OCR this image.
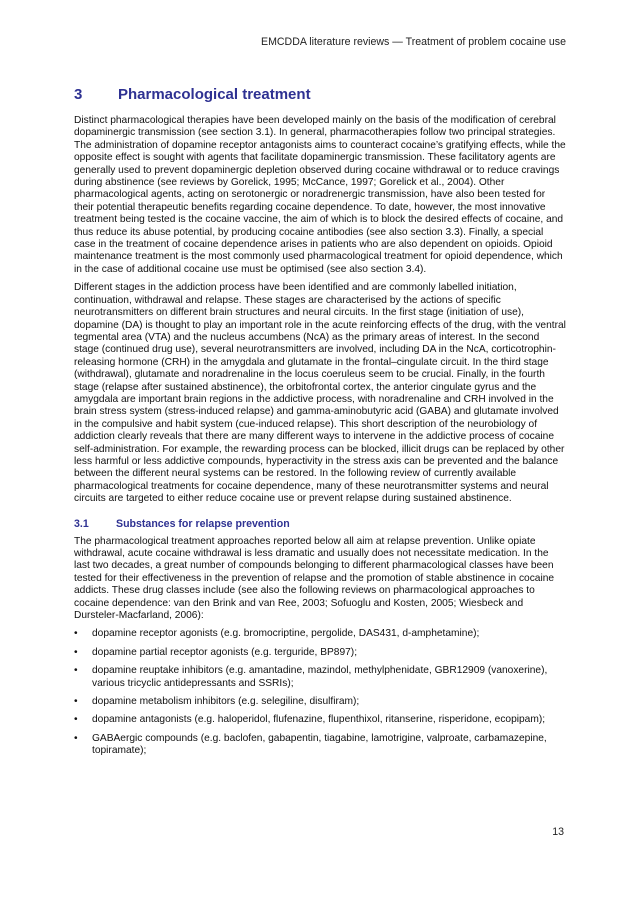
EMCDDA literature reviews — Treatment of problem cocaine use
3	Pharmacological treatment

Distinct pharmacological therapies have been developed mainly on the basis of the modification of cerebral dopaminergic transmission (see section 3.1). In general, pharmacotherapies follow two principal strategies. The administration of dopamine receptor antagonists aims to counteract cocaine’s gratifying effects, while the opposite effect is sought with agents that facilitate dopaminergic transmission. These facilitatory agents are generally used to prevent dopaminergic depletion observed during cocaine withdrawal or to reduce cravings during abstinence (see reviews by Gorelick, 1995; McCance, 1997; Gorelick et al., 2004). Other pharmacological agents, acting on serotonergic or noradrenergic transmission, have also been tested for their potential therapeutic benefits regarding cocaine dependence. To date, however, the most innovative treatment being tested is the cocaine vaccine, the aim of which is to block the desired effects of cocaine, and thus reduce its abuse potential, by producing cocaine antibodies (see also section 3.3). Finally, a special case in the treatment of cocaine dependence arises in patients who are also dependent on opioids. Opioid maintenance treatment is the most commonly used pharmacological treatment for opioid dependence, which in the case of additional cocaine use must be optimised (see also section 3.4).

Different stages in the addiction process have been identified and are commonly labelled initiation, continuation, withdrawal and relapse. These stages are characterised by the actions of specific neurotransmitters on different brain structures and neural circuits. In the first stage (initiation of use), dopamine (DA) is thought to play an important role in the acute reinforcing effects of the drug, with the ventral tegmental area (VTA) and the nucleus accumbens (NcA) as the primary areas of interest. In the second stage (continued drug use), several neurotransmitters are involved, including DA in the NcA, corticotrophin-releasing hormone (CRH) in the amygdala and glutamate in the frontal–cingulate circuit. In the third stage (withdrawal), glutamate and noradrenaline in the locus coeruleus seem to be crucial. Finally, in the fourth stage (relapse after sustained abstinence), the orbitofrontal cortex, the anterior cingulate gyrus and the amygdala are important brain regions in the addictive process, with noradrenaline and CRH involved in the brain stress system (stress-induced relapse) and gamma-aminobutyric acid (GABA) and glutamate involved in the compulsive and habit system (cue-induced relapse). This short description of the neurobiology of addiction clearly reveals that there are many different ways to intervene in the addictive process of cocaine self-administration. For example, the rewarding process can be blocked, illicit drugs can be replaced by other less harmful or less addictive compounds, hyperactivity in the stress axis can be prevented and the balance between the different neural systems can be restored. In the following review of currently available pharmacological treatments for cocaine dependence, many of these neurotransmitter systems and neural circuits are targeted to either reduce cocaine use or prevent relapse during sustained abstinence.

3.1	Substances for relapse prevention

The pharmacological treatment approaches reported below all aim at relapse prevention. Unlike opiate withdrawal, acute cocaine withdrawal is less dramatic and usually does not necessitate medication. In the last two decades, a great number of compounds belonging to different pharmacological classes have been tested for their effectiveness in the prevention of relapse and the promotion of stable abstinence in cocaine addicts. These drug classes include (see also the following reviews on pharmacological approaches to cocaine dependence: van den Brink and van Ree, 2003; Sofuoglu and Kosten, 2005; Wiesbeck and Dursteler-Macfarland, 2006):

• dopamine receptor agonists (e.g. bromocriptine, pergolide, DAS431, d-amphetamine);
• dopamine partial receptor agonists (e.g. terguride, BP897);
• dopamine reuptake inhibitors (e.g. amantadine, mazindol, methylphenidate, GBR12909 (vanoxerine), various tricyclic antidepressants and SSRIs);
• dopamine metabolism inhibitors (e.g. selegiline, disulfiram);
• dopamine antagonists (e.g. haloperidol, flufenazine, flupenthixol, ritanserine, risperidone, ecopipam);
• GABAergic compounds (e.g. baclofen, gabapentin, tiagabine, lamotrigine, valproate, carbamazepine, topiramate);
13
